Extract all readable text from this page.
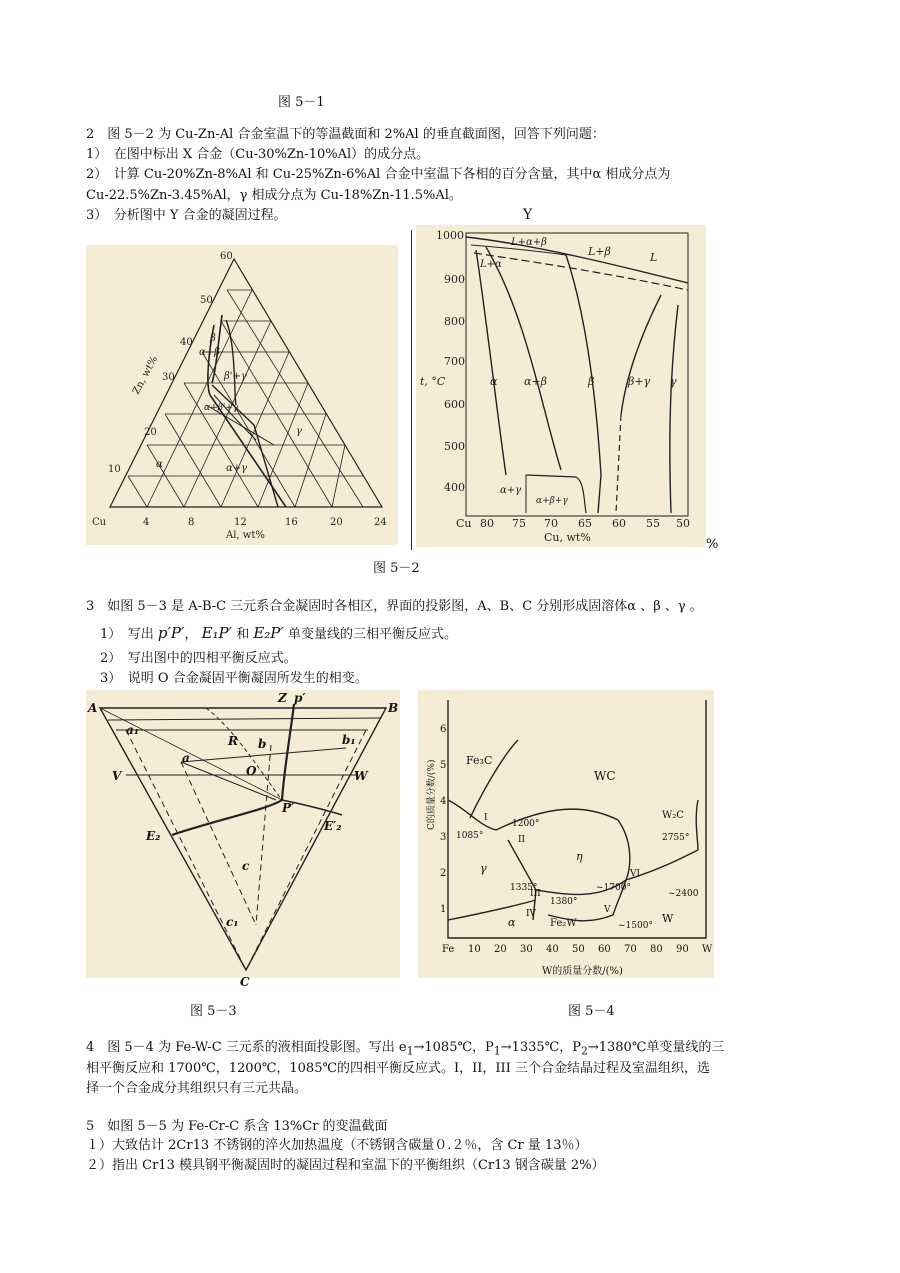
图 5－1
2　图 5－2 为 Cu-Zn-Al 合金室温下的等温截面和 2%Al 的垂直截面图，回答下列问题：
1）　在图中标出 X 合金（Cu-30%Zn-10%Al）的成分点。
2）　计算 Cu-20%Zn-8%Al 和 Cu-25%Zn-6%Al 合金中室温下各相的百分含量，其中α 相成分点为
Cu-22.5%Zn-3.45%Al，γ 相成分点为 Cu-18%Zn-11.5%Al。
3）　分析图中 Y 合金的凝固过程。	Y
60
50
40
30
20
10
4	8	12	16	20	24
Cu
Al, wt%
Zn, wt%
β
α+β
β'+γ
α+β'+γ
γ
α	α+γ
1000
900
800
700
600
500
400
t, °C
Cu 80 75 70 65 60 55 50
Cu, wt%
L+α+β
L+β	L
L+α
α α+β	β	β+γ γ
α+γ
α+β+γ
%
图 5－2
3　如图 5－3 是 A-B-C 三元系合金凝固时各相区，界面的投影图，A、B、C 分别形成固溶体α 、β 、γ 。
1）　写出 p′P′， E₁P′ 和 E₂P′ 单变量线的三相平衡反应式。
2）　写出图中的四相平衡反应式。
3）　说明 O 合金凝固平衡凝固所发生的相变。
A	B
C
Z p′
P′
a₁
b₁
a
b
c
c₁
O
R
V	W
E₂
E′₂	C的质量分数/(%)
W的质量分数/(%)
Fe 10 20 30 40 50 60 70 80 90 W
1
2
3
4
5
6
Fe₃C
WC
W₂C
W
γ
η
α	Fe₂W
1085°
1200°
1335°
1380°
~1700°
~1500°
2755°
~2400
I
II
III
IV	V
VI
图 5－3	图 5－4
4　图 5－4 为 Fe-W-C 三元系的液相面投影图。写出 $e_1\to 1085℃$，$P_1\to 1335℃$，$P_2\to 1380℃$单变量线的三
相平衡反应和 1700℃，1200℃，1085℃的四相平衡反应式。I，II，III 三个合金结晶过程及室温组织，选
择一个合金成分其组织只有三元共晶。
5　如图 5－5 为 Fe-Cr-C 系含 13%Cr 的变温截面
１）大致估计 2Cr13 不锈钢的淬火加热温度（不锈钢含碳量０.２％，含 Cr 量 13％）
２）指出 Cr13 模具钢平衡凝固时的凝固过程和室温下的平衡组织（Cr13 钢含碳量 2%）
